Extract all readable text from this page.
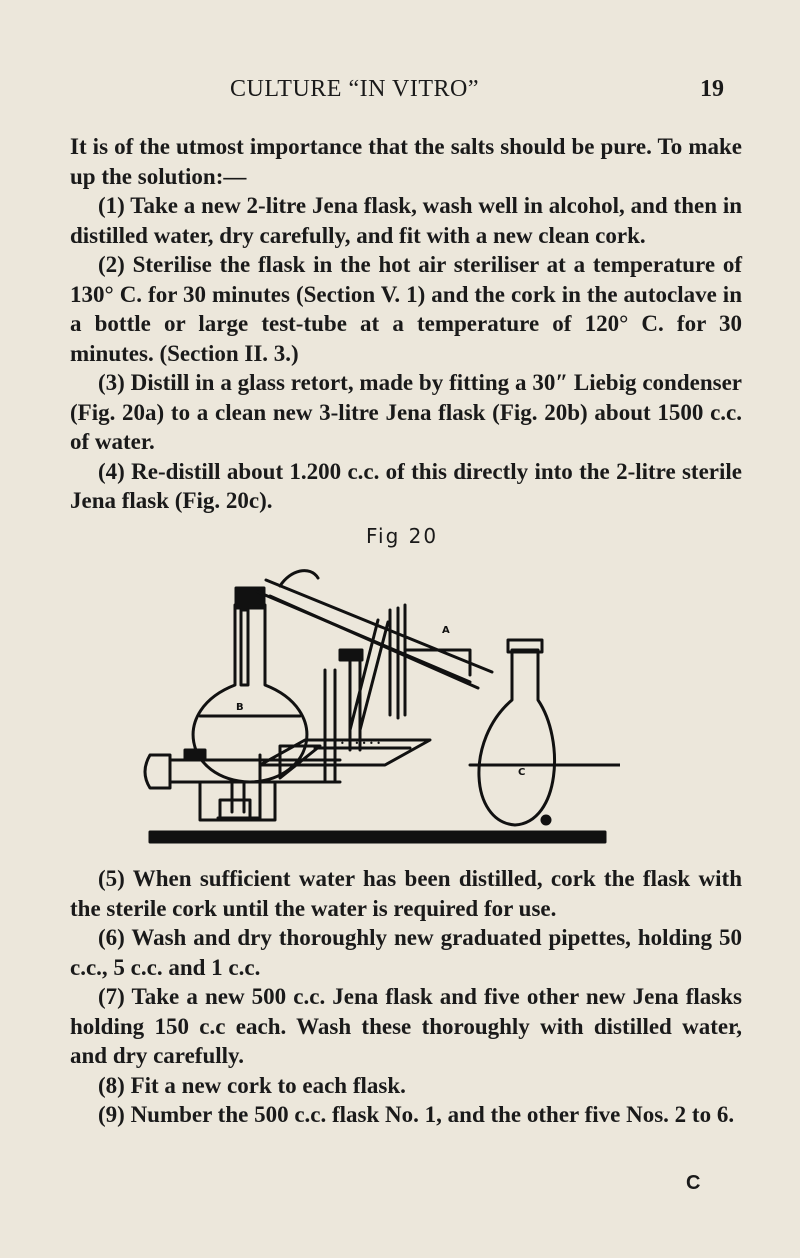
CULTURE “IN VITRO”	19

It is of the utmost importance that the salts should be pure. To make up the solution:—

(1) Take a new 2-litre Jena flask, wash well in alcohol, and then in distilled water, dry carefully, and fit with a new clean cork.

(2) Sterilise the flask in the hot air steriliser at a temperature of 130° C. for 30 minutes (Section V. 1) and the cork in the autoclave in a bottle or large test-tube at a temperature of 120° C. for 30 minutes. (Section II. 3.)

(3) Distill in a glass retort, made by fitting a 30″ Liebig condenser (Fig. 20a) to a clean new 3-litre Jena flask (Fig. 20b) about 1500 c.c. of water.

(4) Re-distill about 1.200 c.c. of this directly into the 2-litre sterile Jena flask (Fig. 20c).

Fig 20
• • • • • •
A
B
C

(5) When sufficient water has been distilled, cork the flask with the sterile cork until the water is required for use.

(6) Wash and dry thoroughly new graduated pipettes, holding 50 c.c., 5 c.c. and 1 c.c.

(7) Take a new 500 c.c. Jena flask and five other new Jena flasks holding 150 c.c each. Wash these thoroughly with distilled water, and dry carefully.

(8) Fit a new cork to each flask.

(9) Number the 500 c.c. flask No. 1, and the other five Nos. 2 to 6.

C
